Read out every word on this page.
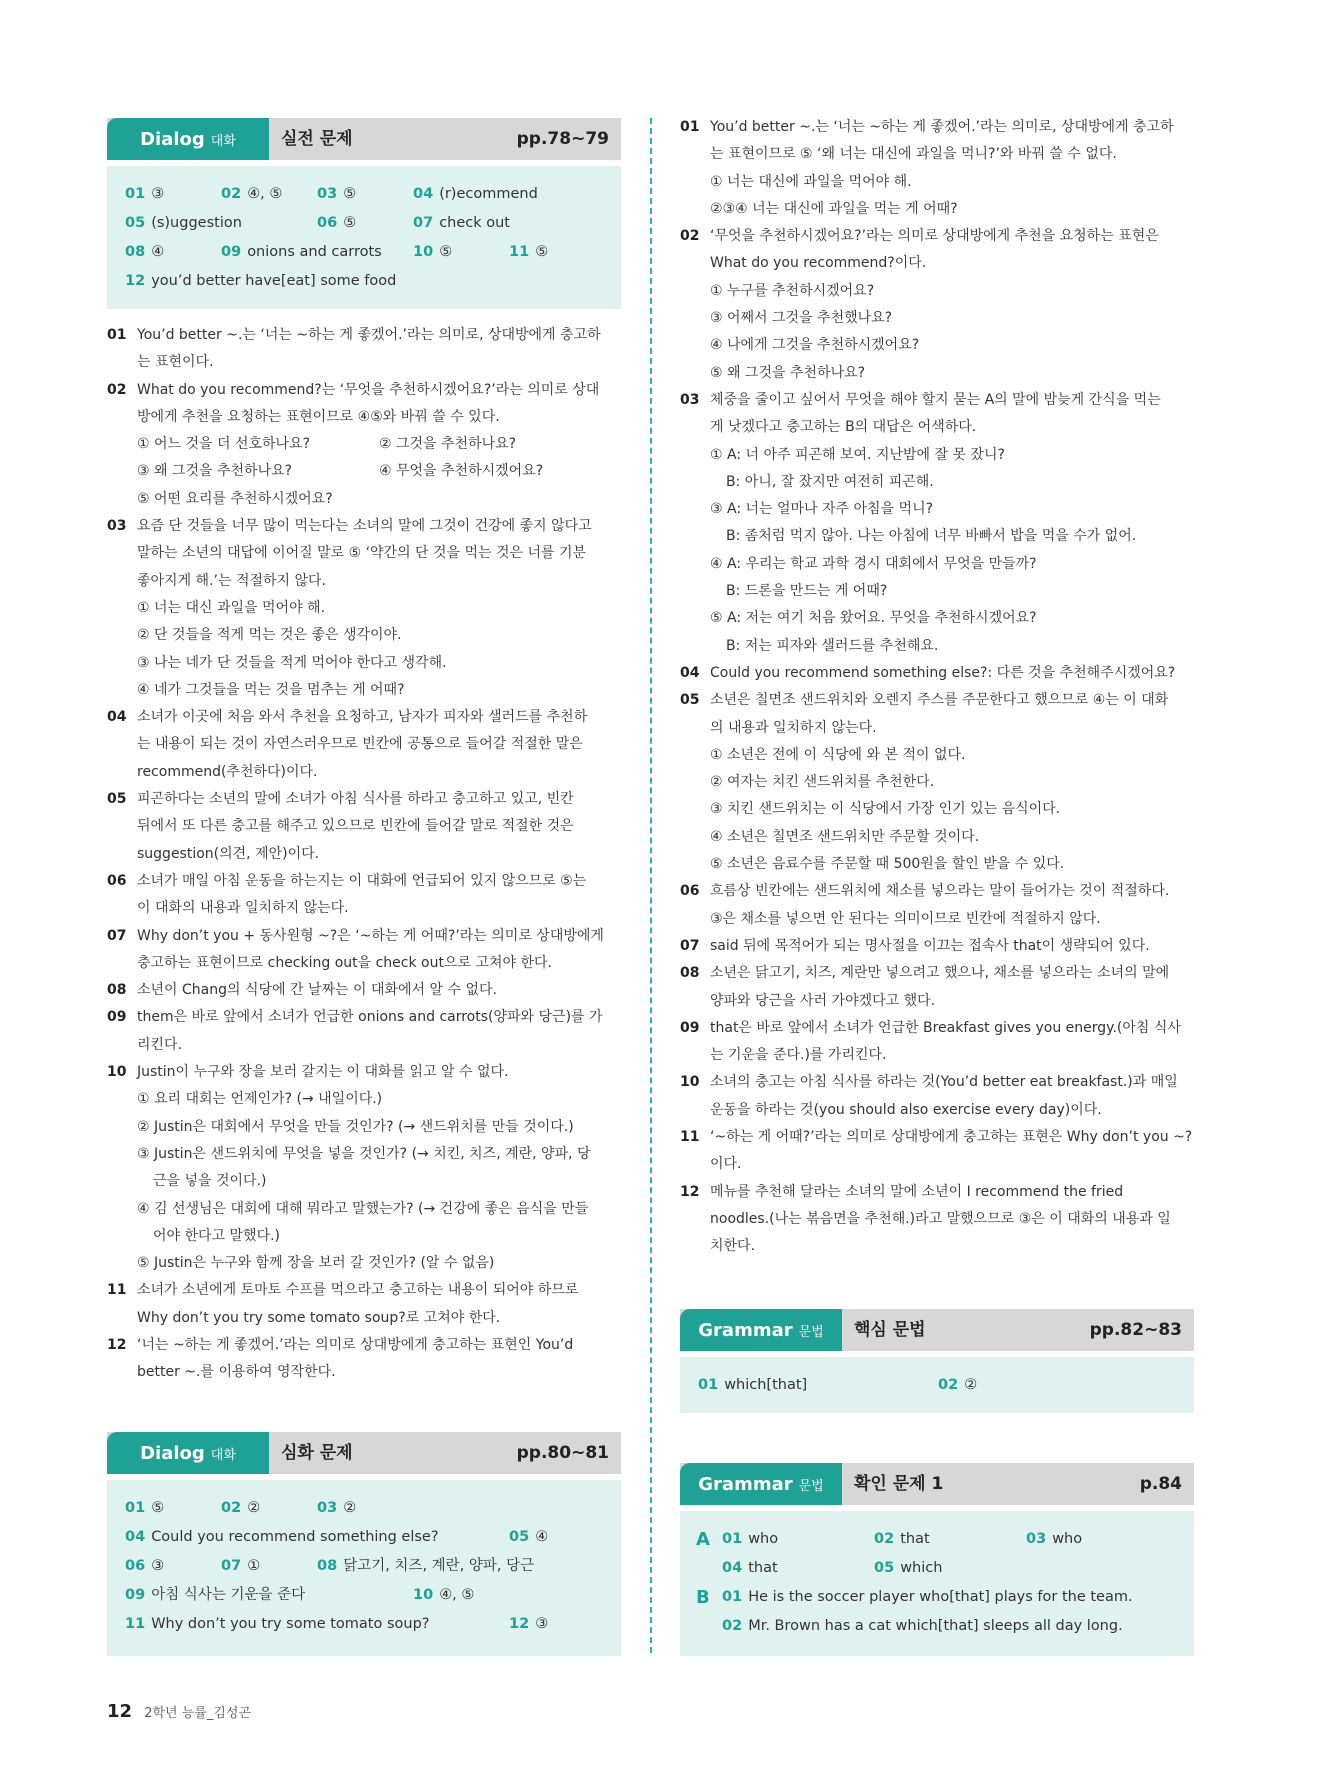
Dialog 대화	실전 문제	pp.78~79
01 ③	02 ④, ⑤ 03 ⑤	04 (r)ecommend
05 (s)uggestion	06 ⑤	07 check out
08 ④	09 onions and carrots 10 ⑤	11 ⑤
12 you’d better have[eat] some food
01 You’d better ~.는 ‘너는 ~하는 게 좋겠어.’라는 의미로, 상대방에게 충고하
는 표현이다.
02 What do you recommend?는 ‘무엇을 추천하시겠어요?’라는 의미로 상대
방에게 추천을 요청하는 표현이므로 ④⑤와 바꿔 쓸 수 있다.
① 어느 것을 더 선호하나요?	② 그것을 추천하나요?
③ 왜 그것을 추천하나요?	④ 무엇을 추천하시겠어요?
⑤ 어떤 요리를 추천하시겠어요?
03 요즘 단 것들을 너무 많이 먹는다는 소녀의 말에 그것이 건강에 좋지 않다고
말하는 소년의 대답에 이어질 말로 ⑤ ‘약간의 단 것을 먹는 것은 너를 기분
좋아지게 해.’는 적절하지 않다.
① 너는 대신 과일을 먹어야 해.
② 단 것들을 적게 먹는 것은 좋은 생각이야.
③ 나는 네가 단 것들을 적게 먹어야 한다고 생각해.
④ 네가 그것들을 먹는 것을 멈추는 게 어때?
04 소녀가 이곳에 처음 와서 추천을 요청하고, 남자가 피자와 샐러드를 추천하
는 내용이 되는 것이 자연스러우므로 빈칸에 공통으로 들어갈 적절한 말은
recommend(추천하다)이다.
05 피곤하다는 소년의 말에 소녀가 아침 식사를 하라고 충고하고 있고, 빈칸
뒤에서 또 다른 충고를 해주고 있으므로 빈칸에 들어갈 말로 적절한 것은
suggestion(의견, 제안)이다.
06 소녀가 매일 아침 운동을 하는지는 이 대화에 언급되어 있지 않으므로 ⑤는
이 대화의 내용과 일치하지 않는다.
07 Why don’t you + 동사원형 ~?은 ‘~하는 게 어때?’라는 의미로 상대방에게
충고하는 표현이므로 checking out을 check out으로 고쳐야 한다.
08 소년이 Chang의 식당에 간 날짜는 이 대화에서 알 수 없다.
09 them은 바로 앞에서 소녀가 언급한 onions and carrots(양파와 당근)를 가
리킨다.
10 Justin이 누구와 장을 보러 갈지는 이 대화를 읽고 알 수 없다.
① 요리 대회는 언제인가? (→ 내일이다.)
② Justin은 대회에서 무엇을 만들 것인가? (→ 샌드위치를 만들 것이다.)
③ Justin은 샌드위치에 무엇을 넣을 것인가? (→ 치킨, 치즈, 계란, 양파, 당
근을 넣을 것이다.)
④ 김 선생님은 대회에 대해 뭐라고 말했는가? (→ 건강에 좋은 음식을 만들
어야 한다고 말했다.)
⑤ Justin은 누구와 함께 장을 보러 갈 것인가? (알 수 없음)
11 소녀가 소년에게 토마토 수프를 먹으라고 충고하는 내용이 되어야 하므로
Why don’t you try some tomato soup?로 고쳐야 한다.
12 ‘너는 ~하는 게 좋겠어.’라는 의미로 상대방에게 충고하는 표현인 You’d
better ~.를 이용하여 영작한다.
Dialog 대화	심화 문제	pp.80~81
01 ⑤	02 ②	03 ②
04 Could you recommend something else?	05 ④
06 ③	07 ①	08 닭고기, 치즈, 계란, 양파, 당근
09 아침 식사는 기운을 준다	10 ④, ⑤
11 Why don’t you try some tomato soup?	12 ③
01 You’d better ~.는 ‘너는 ~하는 게 좋겠어.’라는 의미로, 상대방에게 충고하
는 표현이므로 ⑤ ‘왜 너는 대신에 과일을 먹니?’와 바꿔 쓸 수 없다.
① 너는 대신에 과일을 먹어야 해.
②③④ 너는 대신에 과일을 먹는 게 어때?
02 ‘무엇을 추천하시겠어요?’라는 의미로 상대방에게 추천을 요청하는 표현은
What do you recommend?이다.
① 누구를 추천하시겠어요?
③ 어째서 그것을 추천했나요?
④ 나에게 그것을 추천하시겠어요?
⑤ 왜 그것을 추천하나요?
03 체중을 줄이고 싶어서 무엇을 해야 할지 묻는 A의 말에 밤늦게 간식을 먹는
게 낫겠다고 충고하는 B의 대답은 어색하다.
① A: 너 아주 피곤해 보여. 지난밤에 잘 못 잤니?
B: 아니, 잘 잤지만 여전히 피곤해.
③ A: 너는 얼마나 자주 아침을 먹니?
B: 좀처럼 먹지 않아. 나는 아침에 너무 바빠서 밥을 먹을 수가 없어.
④ A: 우리는 학교 과학 경시 대회에서 무엇을 만들까?
B: 드론을 만드는 게 어때?
⑤ A: 저는 여기 처음 왔어요. 무엇을 추천하시겠어요?
B: 저는 피자와 샐러드를 추천해요.
04 Could you recommend something else?: 다른 것을 추천해주시겠어요?
05 소년은 칠면조 샌드위치와 오렌지 주스를 주문한다고 했으므로 ④는 이 대화
의 내용과 일치하지 않는다.
① 소년은 전에 이 식당에 와 본 적이 없다.
② 여자는 치킨 샌드위치를 추천한다.
③ 치킨 샌드위치는 이 식당에서 가장 인기 있는 음식이다.
④ 소년은 칠면조 샌드위치만 주문할 것이다.
⑤ 소년은 음료수를 주문할 때 500원을 할인 받을 수 있다.
06 흐름상 빈칸에는 샌드위치에 채소를 넣으라는 말이 들어가는 것이 적절하다.
③은 채소를 넣으면 안 된다는 의미이므로 빈칸에 적절하지 않다.
07 said 뒤에 목적어가 되는 명사절을 이끄는 접속사 that이 생략되어 있다.
08 소년은 닭고기, 치즈, 계란만 넣으려고 했으나, 채소를 넣으라는 소녀의 말에
양파와 당근을 사러 가야겠다고 했다.
09 that은 바로 앞에서 소녀가 언급한 Breakfast gives you energy.(아침 식사
는 기운을 준다.)를 가리킨다.
10 소녀의 충고는 아침 식사를 하라는 것(You’d better eat breakfast.)과 매일
운동을 하라는 것(you should also exercise every day)이다.
11 ‘~하는 게 어때?’라는 의미로 상대방에게 충고하는 표현은 Why don’t you ~?
이다.
12 메뉴를 추천해 달라는 소녀의 말에 소년이 I recommend the fried
noodles.(나는 볶음면을 추천해.)라고 말했으므로 ③은 이 대화의 내용과 일
치한다.
Grammar 문법 핵심 문법	pp.82~83
01 which[that]	02 ②
Grammar 문법 확인 문제 1	p.84
A 01 who	02 that	03 who
04 that	05 which
B 01 He is the soccer player who[that] plays for the team.
02 Mr. Brown has a cat which[that] sleeps all day long.
12 2학년 능률_김성곤
